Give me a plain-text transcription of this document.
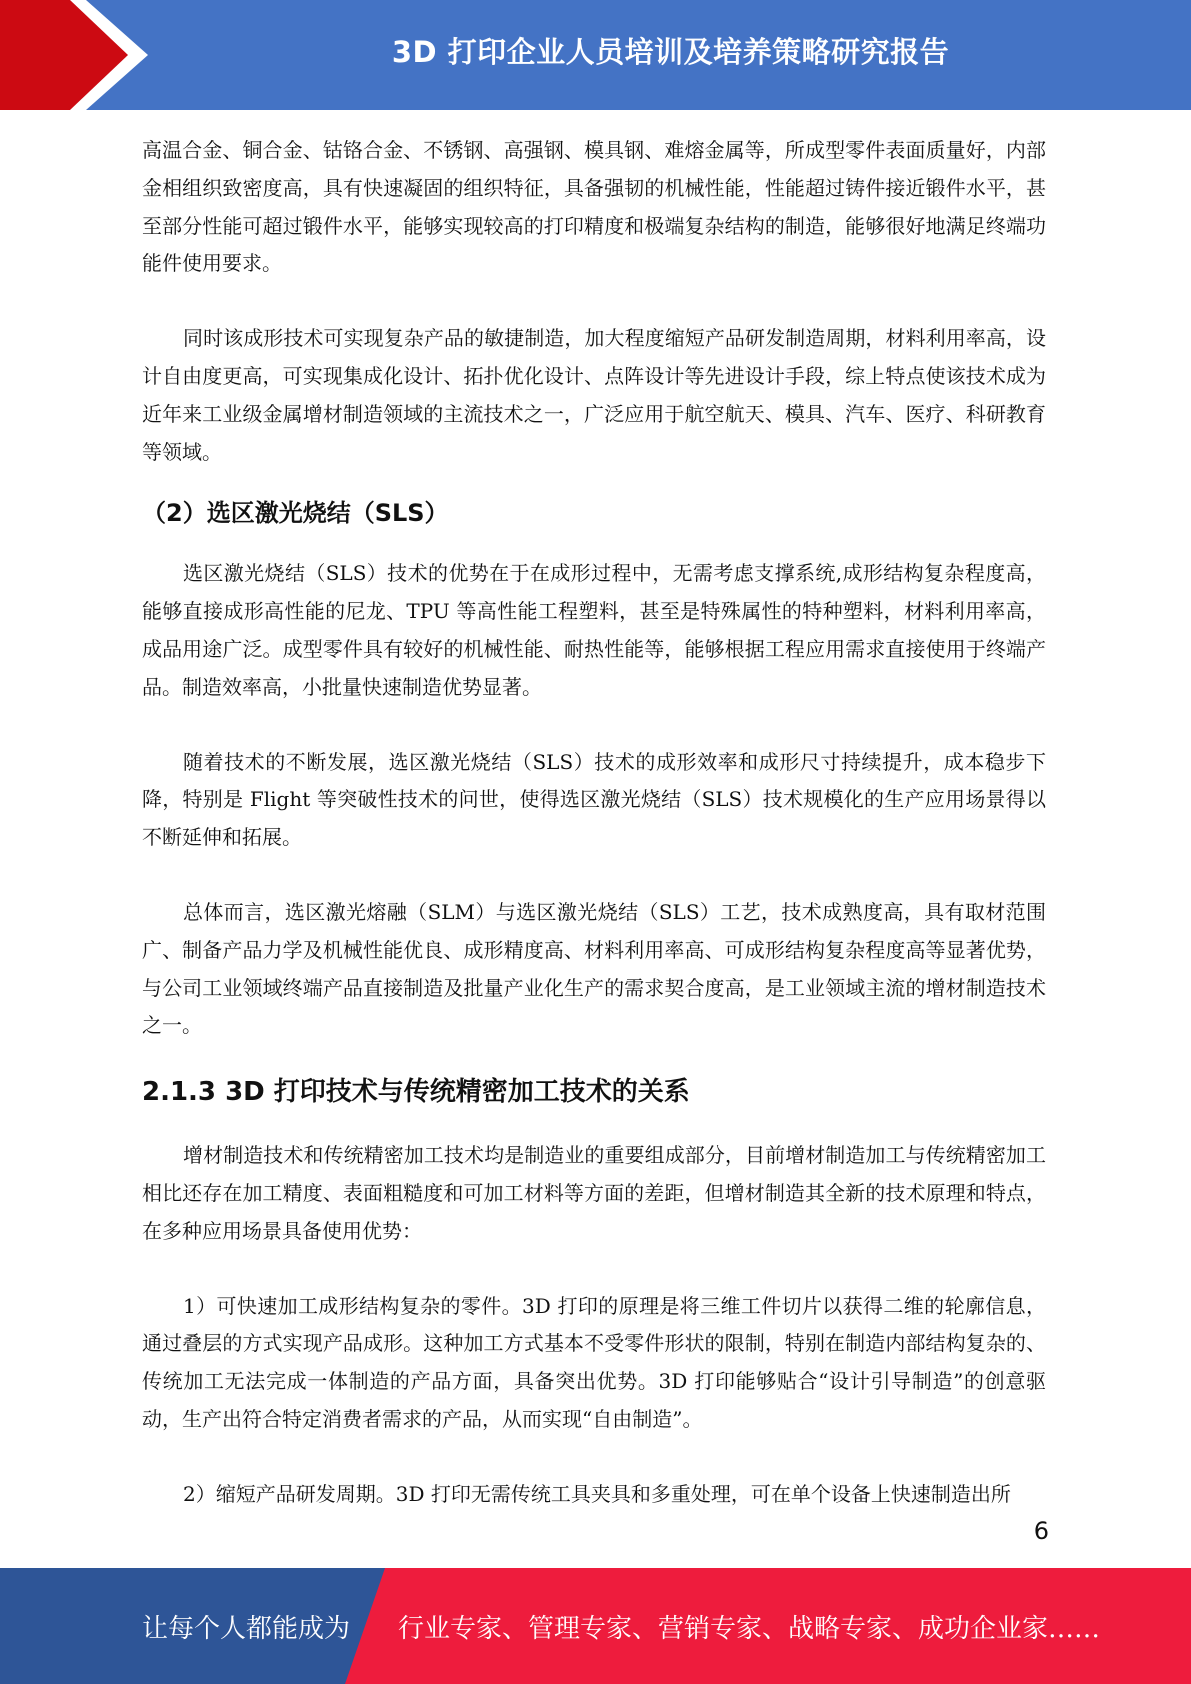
3D 打印企业人员培训及培养策略研究报告

高温合金、铜合金、钴铬合金、不锈钢、高强钢、模具钢、难熔金属等，所成型零件表面质量好，内部金相组织致密度高，具有快速凝固的组织特征，具备强韧的机械性能，性能超过铸件接近锻件水平，甚至部分性能可超过锻件水平，能够实现较高的打印精度和极端复杂结构的制造，能够很好地满足终端功能件使用要求。

同时该成形技术可实现复杂产品的敏捷制造，加大程度缩短产品研发制造周期，材料利用率高，设计自由度更高，可实现集成化设计、拓扑优化设计、点阵设计等先进设计手段，综上特点使该技术成为近年来工业级金属增材制造领域的主流技术之一，广泛应用于航空航天、模具、汽车、医疗、科研教育等领域。

（2）选区激光烧结（SLS）

选区激光烧结（SLS）技术的优势在于在成形过程中，无需考虑支撑系统,成形结构复杂程度高，能够直接成形高性能的尼龙、TPU 等高性能工程塑料，甚至是特殊属性的特种塑料，材料利用率高，成品用途广泛。成型零件具有较好的机械性能、耐热性能等，能够根据工程应用需求直接使用于终端产品。制造效率高，小批量快速制造优势显著。

随着技术的不断发展，选区激光烧结（SLS）技术的成形效率和成形尺寸持续提升，成本稳步下降，特别是 Flight 等突破性技术的问世，使得选区激光烧结（SLS）技术规模化的生产应用场景得以不断延伸和拓展。

总体而言，选区激光熔融（SLM）与选区激光烧结（SLS）工艺，技术成熟度高，具有取材范围广、制备产品力学及机械性能优良、成形精度高、材料利用率高、可成形结构复杂程度高等显著优势，与公司工业领域终端产品直接制造及批量产业化生产的需求契合度高，是工业领域主流的增材制造技术之一。

2.1.3 3D 打印技术与传统精密加工技术的关系

增材制造技术和传统精密加工技术均是制造业的重要组成部分，目前增材制造加工与传统精密加工相比还存在加工精度、表面粗糙度和可加工材料等方面的差距，但增材制造其全新的技术原理和特点，在多种应用场景具备使用优势：

1）可快速加工成形结构复杂的零件。3D 打印的原理是将三维工件切片以获得二维的轮廓信息，通过叠层的方式实现产品成形。这种加工方式基本不受零件形状的限制，特别在制造内部结构复杂的、传统加工无法完成一体制造的产品方面，具备突出优势。3D 打印能够贴合“设计引导制造”的创意驱动，生产出符合特定消费者需求的产品，从而实现“自由制造”。

2）缩短产品研发周期。3D 打印无需传统工具夹具和多重处理，可在单个设备上快速制造出所

6
让每个人都能成为 行业专家、管理专家、营销专家、战略专家、成功企业家……
